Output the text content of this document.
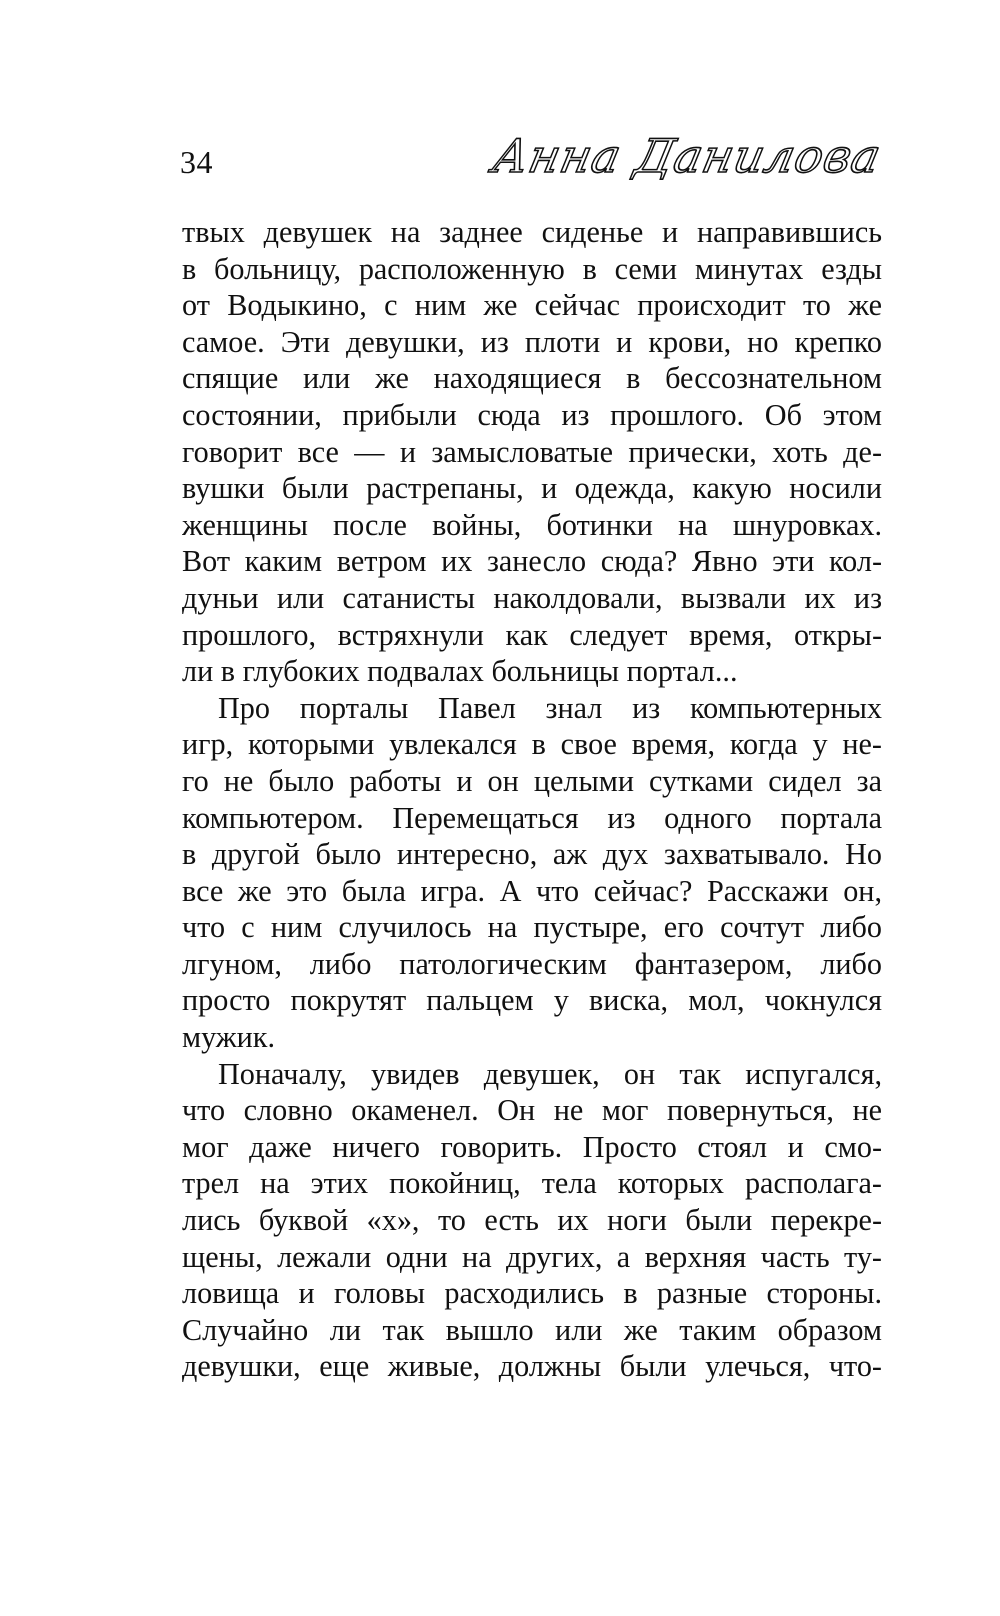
34	Анна Данилова
твых девушек на заднее сиденье и направившись
в больницу, расположенную в семи минутах езды
от Водыкино, с ним же сейчас происходит то же
самое. Эти девушки, из плоти и крови, но крепко
спящие или же находящиеся в бессознательном
состоянии, прибыли сюда из прошлого. Об этом
говорит все — и замысловатые прически, хоть де-
вушки были растрепаны, и одежда, какую носили
женщины после войны, ботинки на шнуровках.
Вот каким ветром их занесло сюда? Явно эти кол-
дуньи или сатанисты наколдовали, вызвали их из
прошлого, встряхнули как следует время, откры-
ли в глубоких подвалах больницы портал...
Про порталы Павел знал из компьютерных
игр, которыми увлекался в свое время, когда у не-
го не было работы и он целыми сутками сидел за
компьютером. Перемещаться из одного портала
в другой было интересно, аж дух захватывало. Но
все же это была игра. А что сейчас? Расскажи он,
что с ним случилось на пустыре, его сочтут либо
лгуном, либо патологическим фантазером, либо
просто покрутят пальцем у виска, мол, чокнулся
мужик.
Поначалу, увидев девушек, он так испугался,
что словно окаменел. Он не мог повернуться, не
мог даже ничего говорить. Просто стоял и смо-
трел на этих покойниц, тела которых располага-
лись буквой «х», то есть их ноги были перекре-
щены, лежали одни на других, а верхняя часть ту-
ловища и головы расходились в разные стороны.
Случайно ли так вышло или же таким образом
девушки, еще живые, должны были улечься, что-
